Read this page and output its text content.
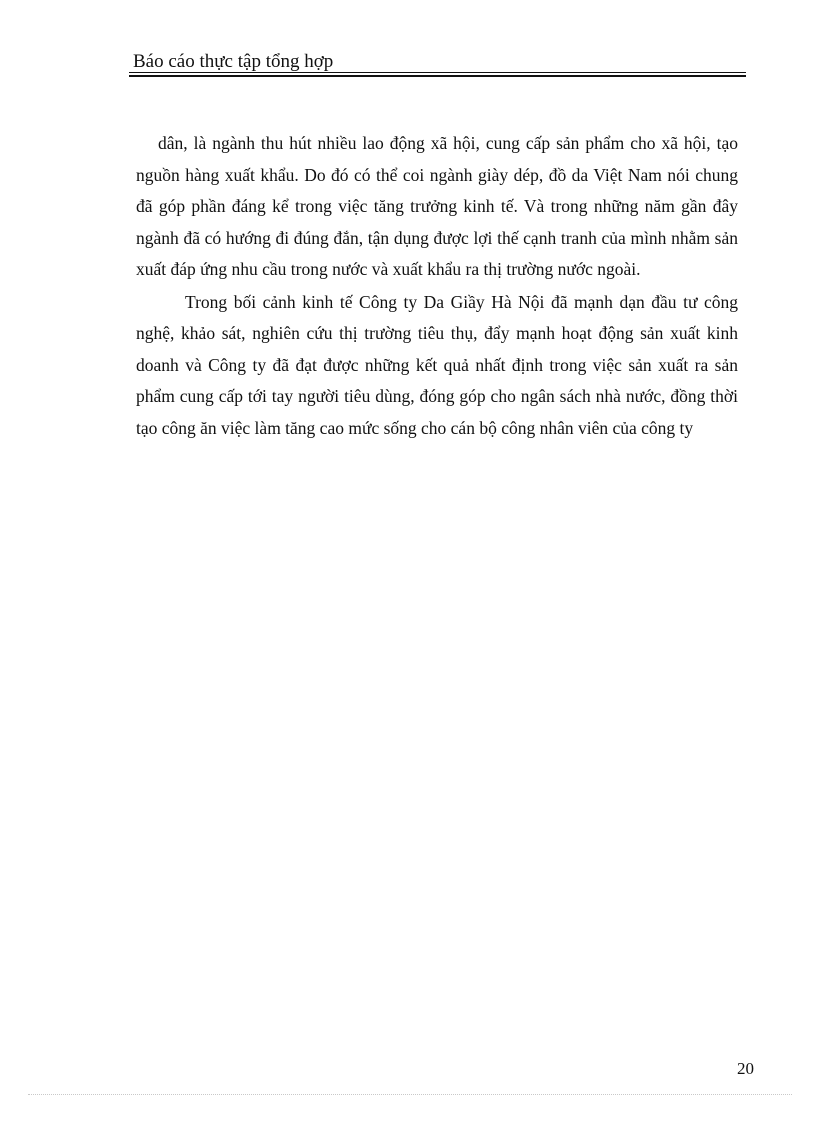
Báo cáo thực tập tổng hợp

dân, là ngành thu hút nhiều lao động xã hội, cung cấp sản phẩm cho xã hội, tạo nguồn hàng xuất khẩu. Do đó có thể coi ngành giày dép, đồ da Việt Nam nói chung đã góp phần đáng kể trong việc tăng trưởng kinh tế. Và trong những năm gần đây ngành đã có hướng đi đúng đắn, tận dụng được lợi thế cạnh tranh của mình nhằm sản xuất đáp ứng nhu cầu trong nước và xuất khẩu ra thị trường nước ngoài.

Trong bối cảnh kinh tế Công ty Da Giầy Hà Nội đã mạnh dạn đầu tư công nghệ, khảo sát, nghiên cứu thị trường tiêu thụ, đẩy mạnh hoạt động sản xuất kinh doanh và Công ty đã đạt được những kết quả nhất định trong việc sản xuất ra sản phẩm cung cấp tới tay người tiêu dùng, đóng góp cho ngân sách nhà nước, đồng thời tạo công ăn việc làm tăng cao mức sống cho cán bộ công nhân viên của công ty

20
